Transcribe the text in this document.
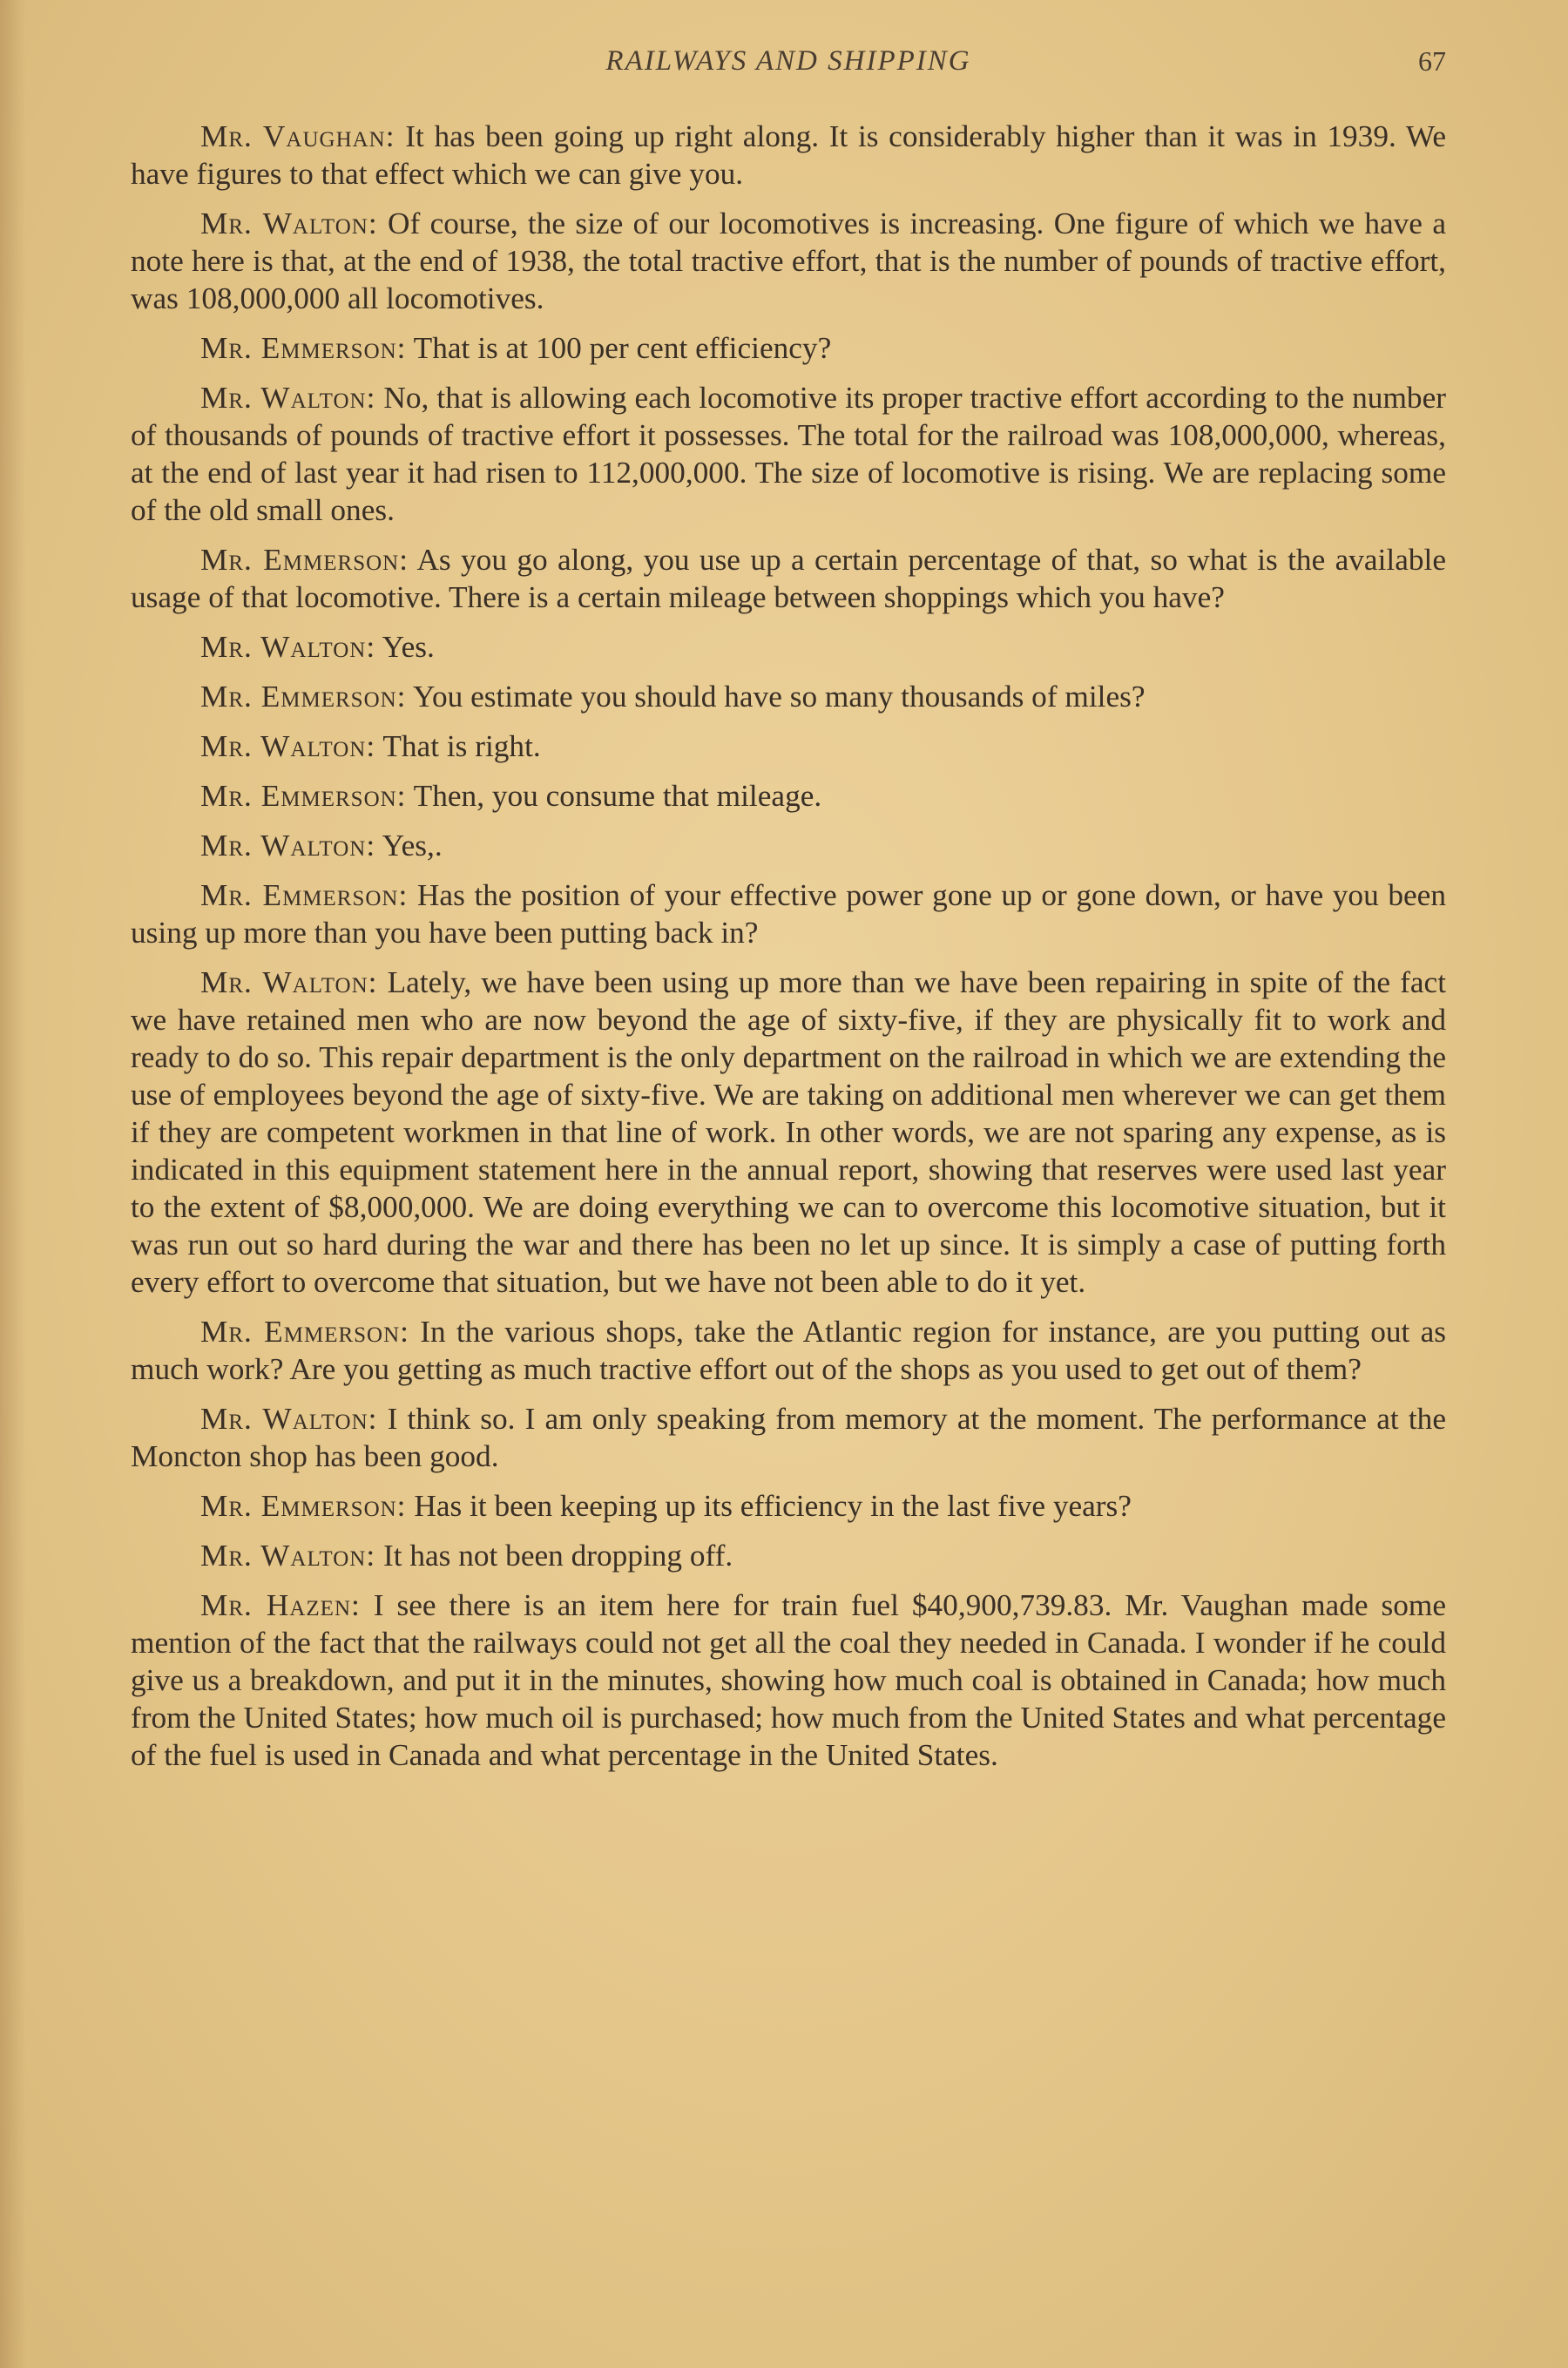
RAILWAYS AND SHIPPING	67

Mr. Vaughan: It has been going up right along. It is considerably higher than it was in 1939. We have figures to that effect which we can give you.

Mr. Walton: Of course, the size of our locomotives is increasing. One figure of which we have a note here is that, at the end of 1938, the total tractive effort, that is the number of pounds of tractive effort, was 108,000,000 all locomotives.

Mr. Emmerson: That is at 100 per cent efficiency?

Mr. Walton: No, that is allowing each locomotive its proper tractive effort according to the number of thousands of pounds of tractive effort it possesses. The total for the railroad was 108,000,000, whereas, at the end of last year it had risen to 112,000,000. The size of locomotive is rising. We are replacing some of the old small ones.

Mr. Emmerson: As you go along, you use up a certain percentage of that, so what is the available usage of that locomotive. There is a certain mileage between shoppings which you have?

Mr. Walton: Yes.

Mr. Emmerson: You estimate you should have so many thousands of miles?

Mr. Walton: That is right.

Mr. Emmerson: Then, you consume that mileage.

Mr. Walton: Yes,.

Mr. Emmerson: Has the position of your effective power gone up or gone down, or have you been using up more than you have been putting back in?

Mr. Walton: Lately, we have been using up more than we have been repairing in spite of the fact we have retained men who are now beyond the age of sixty-five, if they are physically fit to work and ready to do so. This repair department is the only department on the railroad in which we are extending the use of employees beyond the age of sixty-five. We are taking on additional men wherever we can get them if they are competent workmen in that line of work. In other words, we are not sparing any expense, as is indicated in this equipment statement here in the annual report, showing that reserves were used last year to the extent of $8,000,000. We are doing everything we can to overcome this locomotive situation, but it was run out so hard during the war and there has been no let up since. It is simply a case of putting forth every effort to overcome that situation, but we have not been able to do it yet.

Mr. Emmerson: In the various shops, take the Atlantic region for instance, are you putting out as much work? Are you getting as much tractive effort out of the shops as you used to get out of them?

Mr. Walton: I think so. I am only speaking from memory at the moment. The performance at the Moncton shop has been good.

Mr. Emmerson: Has it been keeping up its efficiency in the last five years?

Mr. Walton: It has not been dropping off.

Mr. Hazen: I see there is an item here for train fuel $40,900,739.83. Mr. Vaughan made some mention of the fact that the railways could not get all the coal they needed in Canada. I wonder if he could give us a breakdown, and put it in the minutes, showing how much coal is obtained in Canada; how much from the United States; how much oil is purchased; how much from the United States and what percentage of the fuel is used in Canada and what percentage in the United States.
